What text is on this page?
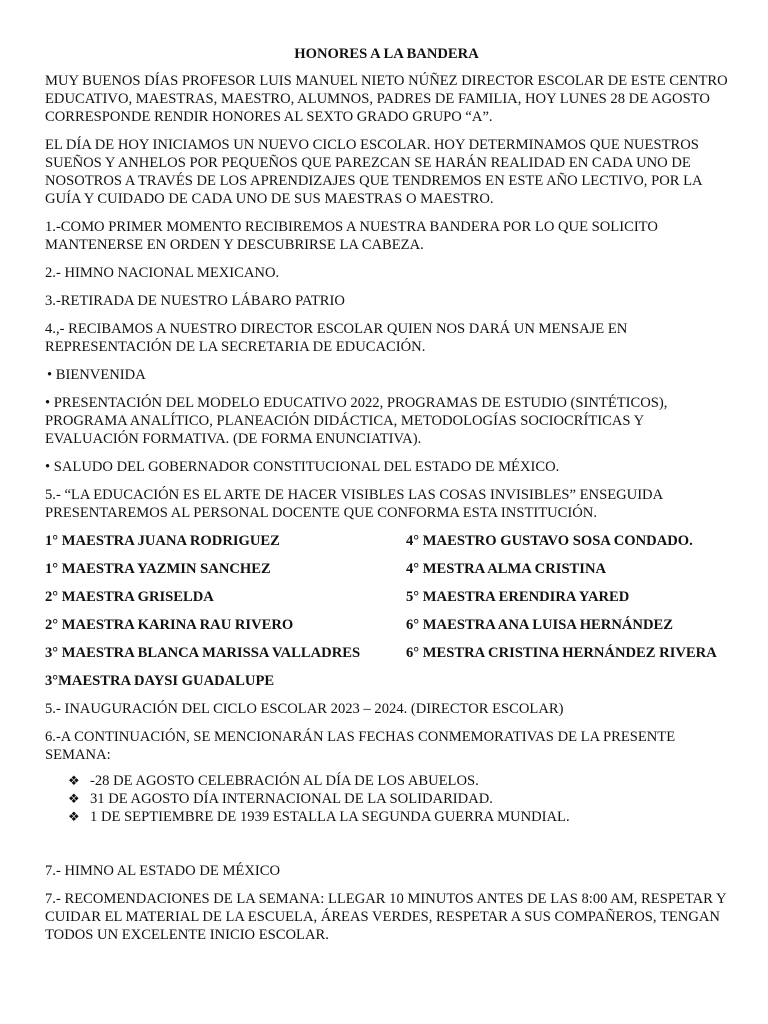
HONORES A LA BANDERA

MUY BUENOS DÍAS PROFESOR LUIS MANUEL NIETO NÚÑEZ DIRECTOR ESCOLAR DE ESTE CENTRO EDUCATIVO, MAESTRAS, MAESTRO, ALUMNOS, PADRES DE FAMILIA, HOY LUNES 28 DE AGOSTO CORRESPONDE RENDIR HONORES AL SEXTO GRADO GRUPO “A”.

EL DÍA DE HOY INICIAMOS UN NUEVO CICLO ESCOLAR. HOY DETERMINAMOS QUE NUESTROS SUEÑOS Y ANHELOS POR PEQUEÑOS QUE PAREZCAN SE HARÁN REALIDAD EN CADA UNO DE NOSOTROS A TRAVÉS DE LOS APRENDIZAJES QUE TENDREMOS EN ESTE AÑO LECTIVO, POR LA GUÍA Y CUIDADO DE CADA UNO DE SUS MAESTRAS O MAESTRO.

1.-COMO PRIMER MOMENTO RECIBIREMOS A NUESTRA BANDERA POR LO QUE SOLICITO MANTENERSE EN ORDEN Y DESCUBRIRSE LA CABEZA.

2.- HIMNO NACIONAL MEXICANO.

3.-RETIRADA DE NUESTRO LÁBARO PATRIO

4.,- RECIBAMOS A NUESTRO DIRECTOR ESCOLAR QUIEN NOS DARÁ UN MENSAJE EN REPRESENTACIÓN DE LA SECRETARIA DE EDUCACIÓN.

• BIENVENIDA

• PRESENTACIÓN DEL MODELO EDUCATIVO 2022, PROGRAMAS DE ESTUDIO (SINTÉTICOS), PROGRAMA ANALÍTICO, PLANEACIÓN DIDÁCTICA, METODOLOGÍAS SOCIOCRÍTICAS Y EVALUACIÓN FORMATIVA. (DE FORMA ENUNCIATIVA).

• SALUDO DEL GOBERNADOR CONSTITUCIONAL DEL ESTADO DE MÉXICO.

5.- “LA EDUCACIÓN ES EL ARTE DE HACER VISIBLES LAS COSAS INVISIBLES” ENSEGUIDA PRESENTAREMOS AL PERSONAL DOCENTE QUE CONFORMA ESTA INSTITUCIÓN.

1° MAESTRA JUANA RODRIGUEZ	4° MAESTRO GUSTAVO SOSA CONDADO.
1° MAESTRA YAZMIN SANCHEZ	4° MESTRA ALMA CRISTINA
2° MAESTRA GRISELDA	5° MAESTRA ERENDIRA YARED
2° MAESTRA KARINA RAU RIVERO	6° MAESTRA ANA LUISA HERNÁNDEZ
3° MAESTRA BLANCA MARISSA VALLADRES	6° MESTRA CRISTINA HERNÁNDEZ RIVERA
3°MAESTRA DAYSI GUADALUPE

5.- INAUGURACIÓN DEL CICLO ESCOLAR 2023 – 2024. (DIRECTOR ESCOLAR)

6.-A CONTINUACIÓN, SE MENCIONARÁN LAS FECHAS CONMEMORATIVAS DE LA PRESENTE SEMANA:

❖ -28 DE AGOSTO CELEBRACIÓN AL DÍA DE LOS ABUELOS.
❖ 31 DE AGOSTO DÍA INTERNACIONAL DE LA SOLIDARIDAD.
❖ 1 DE SEPTIEMBRE DE 1939 ESTALLA LA SEGUNDA GUERRA MUNDIAL.

7.- HIMNO AL ESTADO DE MÉXICO

7.- RECOMENDACIONES DE LA SEMANA: LLEGAR 10 MINUTOS ANTES DE LAS 8:00 AM, RESPETAR Y CUIDAR EL MATERIAL DE LA ESCUELA, ÁREAS VERDES, RESPETAR A SUS COMPAÑEROS, TENGAN TODOS UN EXCELENTE INICIO ESCOLAR.
